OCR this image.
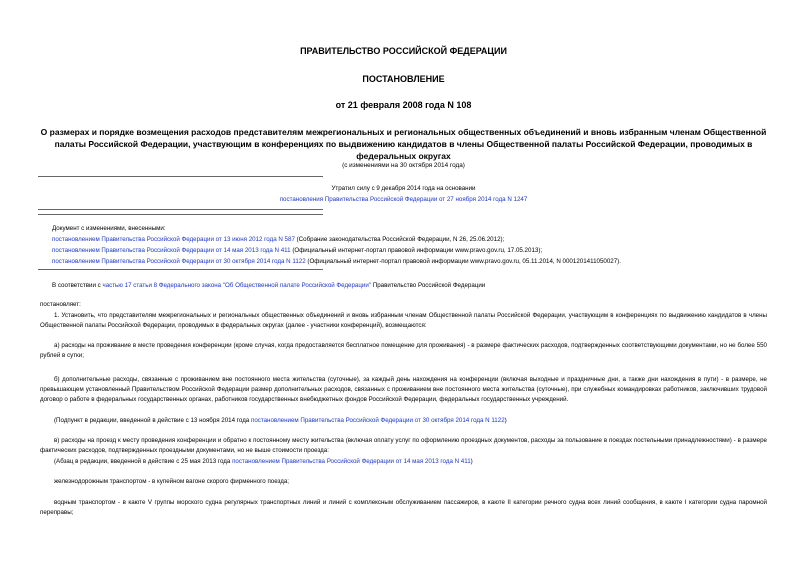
ПРАВИТЕЛЬСТВО РОССИЙСКОЙ ФЕДЕРАЦИИ
ПОСТАНОВЛЕНИЕ
от 21 февраля 2008 года N 108
О размерах и порядке возмещения расходов представителям межрегиональных и региональных общественных объединений и вновь избранным членам Общественной палаты Российской Федерации, участвующим в конференциях по выдвижению кандидатов в члены Общественной палаты Российской Федерации, проводимых в федеральных округах
(с изменениями на 30 октября 2014 года)
Утратил силу с 9 декабря 2014 года на основании
постановления Правительства Российской Федерации от 27 ноября 2014 года N 1247
Документ с изменениями, внесенными:
постановлением Правительства Российской Федерации от 13 июня 2012 года N 587 (Собрание законодательства Российской Федерации, N 26, 25.06.2012);
постановлением Правительства Российской Федерации от 14 мая 2013 года N 411 (Официальный интернет-портал правовой информации www.pravo.gov.ru, 17.05.2013);
постановлением Правительства Российской Федерации от 30 октября 2014 года N 1122 (Официальный интернет-портал правовой информации www.pravo.gov.ru, 05.11.2014, N 0001201411050027).
В соответствии с частью 17 статьи 8 Федерального закона "Об Общественной палате Российской Федерации" Правительство Российской Федерации
постановляет:
1. Установить, что представителям межрегиональных и региональных общественных объединений и вновь избранным членам Общественной палаты Российской Федерации, участвующим в конференциях по выдвижению кандидатов в члены Общественной палаты Российской Федерации, проводимых в федеральных округах (далее - участники конференций), возмещаются:
а) расходы на проживание в месте проведения конференции (кроме случая, когда предоставляется бесплатное помещение для проживания) - в размере фактических расходов, подтвержденных соответствующими документами, но не более 550 рублей в сутки;
б) дополнительные расходы, связанные с проживанием вне постоянного места жительства (суточные), за каждый день нахождения на конференции (включая выходные и праздничные дни, а также дни нахождения в пути) - в размере, не превышающем установленный Правительством Российской Федерации размер дополнительных расходов, связанных с проживанием вне постоянного места жительства (суточные), при служебных командировках работников, заключивших трудовой договор о работе в федеральных государственных органах, работников государственных внебюджетных фондов Российской Федерации, федеральных государственных учреждений.
(Подпункт в редакции, введенной в действие с 13 ноября 2014 года постановлением Правительства Российской Федерации от 30 октября 2014 года N 1122)
в) расходы на проезд к месту проведения конференции и обратно к постоянному месту жительства (включая оплату услуг по оформлению проездных документов, расходы за пользование в поездах постельными принадлежностями) - в размере фактических расходов, подтвержденных проездными документами, но не выше стоимости проезда:
(Абзац в редакции, введенной в действие с 25 мая 2013 года постановлением Правительства Российской Федерации от 14 мая 2013 года N 411)
железнодорожным транспортом - в купейном вагоне скорого фирменного поезда;
водным транспортом - в каюте V группы морского судна регулярных транспортных линий и линий с комплексным обслуживанием пассажиров, в каюте II категории речного судна всех линий сообщения, в каюте I категории судна паромной переправы;
